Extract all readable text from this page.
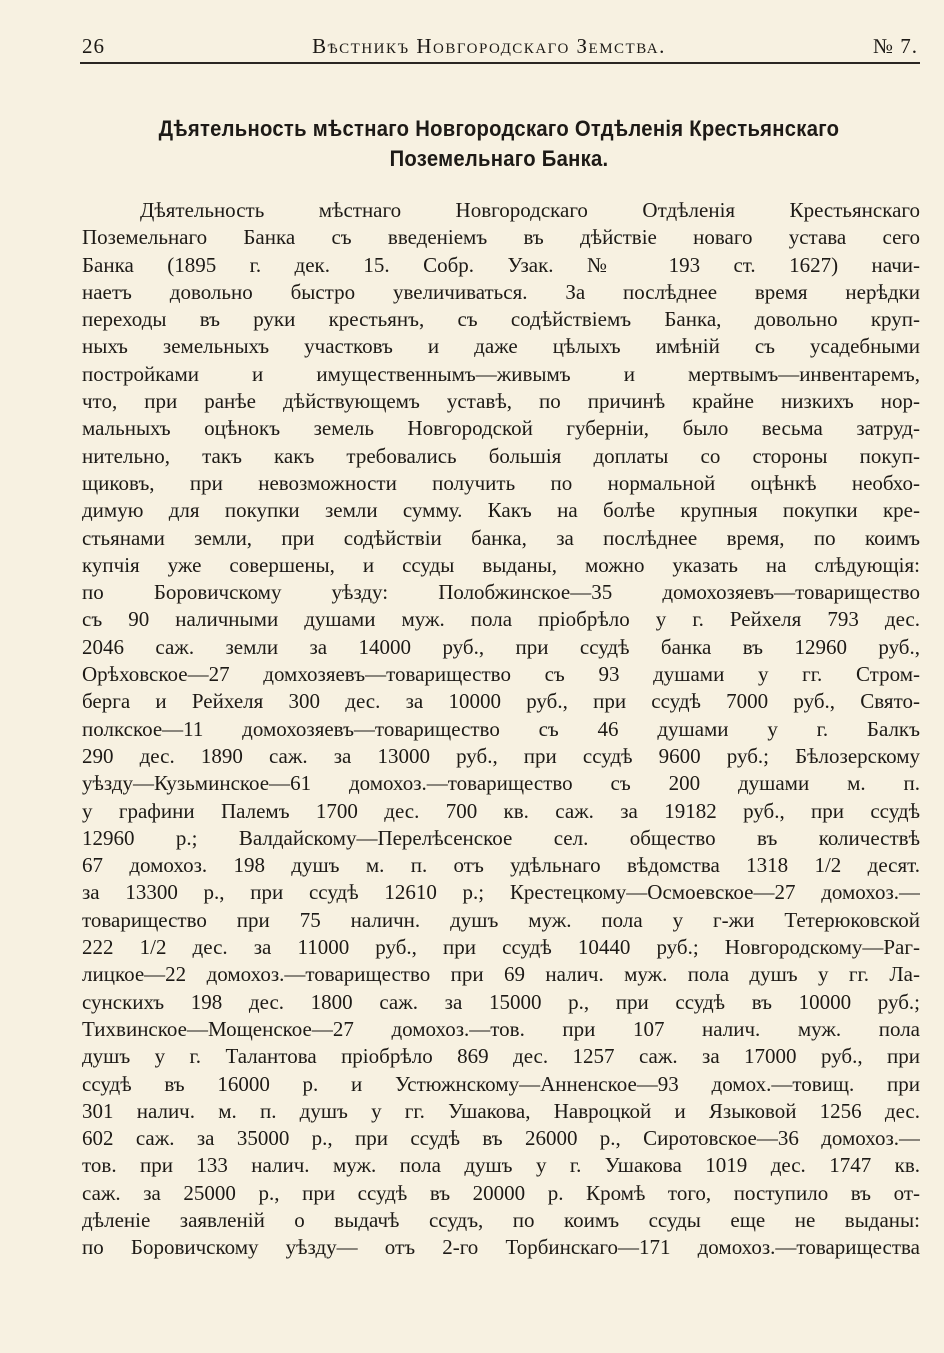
26	Вѣстникъ Новгородскаго Земства.	№ 7.
Дѣятельность мѣстнаго Новгородскаго Отдѣленія Крестьянскаго Поземельнаго Банка.
Дѣятельность мѣстнаго Новгородскаго Отдѣленія Крестьянскаго
Поземельнаго Банка съ введеніемъ въ дѣйствіе новаго устава сего
Банка (1895 г. дек. 15. Собр. Узак. № 193 ст. 1627) начи-
наетъ довольно быстро увеличиваться. За послѣднее время нерѣдки
переходы въ руки крестьянъ, съ содѣйствіемъ Банка, довольно круп-
ныхъ земельныхъ участковъ и даже цѣлыхъ имѣній съ усадебными
постройками и имущественнымъ—живымъ и мертвымъ—инвентаремъ,
что, при ранѣе дѣйствующемъ уставѣ, по причинѣ крайне низкихъ нор-
мальныхъ оцѣнокъ земель Новгородской губерніи, было весьма затруд-
нительно, такъ какъ требовались большія доплаты со стороны покуп-
щиковъ, при невозможности получить по нормальной оцѣнкѣ необхо-
димую для покупки земли сумму. Какъ на болѣе крупныя покупки кре-
стьянами земли, при содѣйствіи банка, за послѣднее время, по коимъ
купчія уже совершены, и ссуды выданы, можно указать на слѣдующія:
по Боровичскому уѣзду: Полобжинское—35 домохозяевъ—товарищество
съ 90 наличными душами муж. пола пріобрѣло у г. Рейхеля 793 дес.
2046 саж. земли за 14000 руб., при ссудѣ банка въ 12960 руб.,
Орѣховское—27 домхозяевъ—товарищество съ 93 душами у гг. Стром-
берга и Рейхеля 300 дес. за 10000 руб., при ссудѣ 7000 руб., Свято-
полкское—11 домохозяевъ—товарищество съ 46 душами у г. Балкъ
290 дес. 1890 саж. за 13000 руб., при ссудѣ 9600 руб.; Бѣлозерскому
уѣзду—Кузьминское—61 домохоз.—товарищество съ 200 душами м. п.
у графини Палемъ 1700 дес. 700 кв. саж. за 19182 руб., при ссудѣ
12960 р.; Валдайскому—Перелѣсенское сел. общество въ количествѣ
67 домохоз. 198 душъ м. п. отъ удѣльнаго вѣдомства 1318 1/2 десят.
за 13300 р., при ссудѣ 12610 р.; Крестецкому—Осмоевское—27 домохоз.—
товарищество при 75 наличн. душъ муж. пола у г-жи Тетерюковской
222 1/2 дес. за 11000 руб., при ссудѣ 10440 руб.; Новгородскому—Раг-
лицкое—22 домохоз.—товарищество при 69 налич. муж. пола душъ у гг. Ла-
сунскихъ 198 дес. 1800 саж. за 15000 р., при ссудѣ въ 10000 руб.;
Тихвинское—Мощенское—27 домохоз.—тов. при 107 налич. муж. пола
душъ у г. Талантова пріобрѣло 869 дес. 1257 саж. за 17000 руб., при
ссудѣ въ 16000 р. и Устюжнскому—Анненское—93 домох.—товищ. при
301 налич. м. п. душъ у гг. Ушакова, Навроцкой и Языковой 1256 дес.
602 саж. за 35000 р., при ссудѣ въ 26000 р., Сиротовское—36 домохоз.—
тов. при 133 налич. муж. пола душъ у г. Ушакова 1019 дес. 1747 кв.
саж. за 25000 р., при ссудѣ въ 20000 р. Кромѣ того, поступило въ от-
дѣленіе заявленій о выдачѣ ссудъ, по коимъ ссуды еще не выданы:
по Боровичскому уѣзду— отъ 2-го Торбинскаго—171 домохоз.—товарищества
